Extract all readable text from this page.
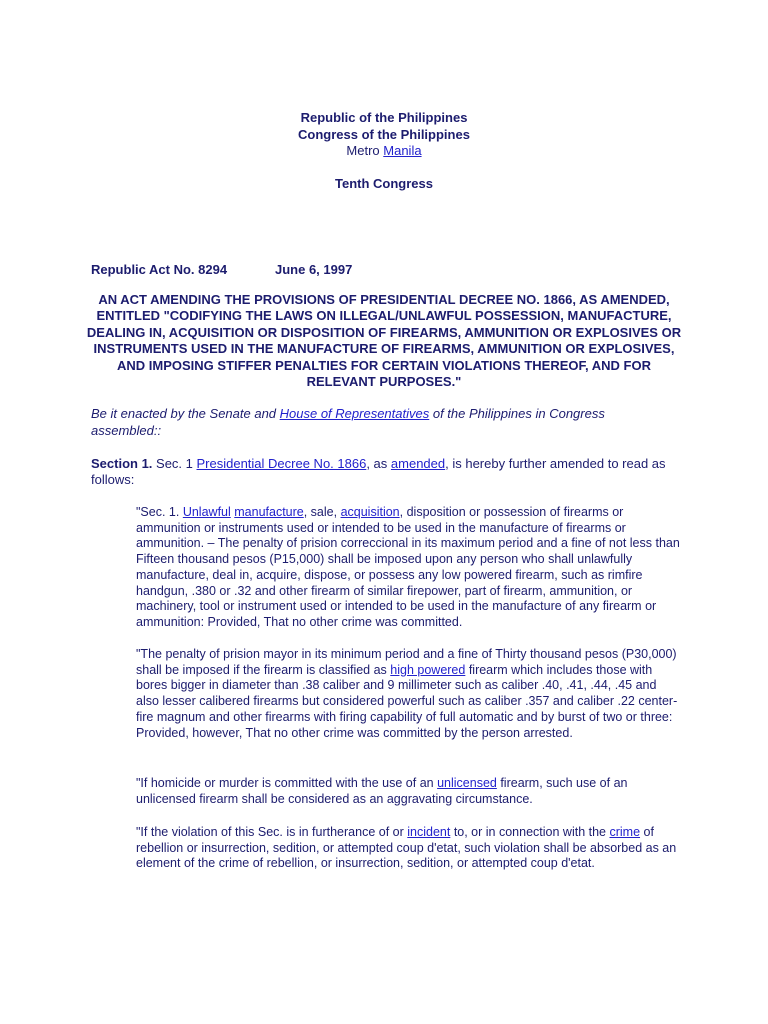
Republic of the Philippines
Congress of the Philippines
Metro Manila
Tenth Congress
Republic Act No. 8294	June 6, 1997
AN ACT AMENDING THE PROVISIONS OF PRESIDENTIAL DECREE NO. 1866, AS AMENDED, ENTITLED "CODIFYING THE LAWS ON ILLEGAL/UNLAWFUL POSSESSION, MANUFACTURE, DEALING IN, ACQUISITION OR DISPOSITION OF FIREARMS, AMMUNITION OR EXPLOSIVES OR INSTRUMENTS USED IN THE MANUFACTURE OF FIREARMS, AMMUNITION OR EXPLOSIVES, AND IMPOSING STIFFER PENALTIES FOR CERTAIN VIOLATIONS THEREOF, AND FOR RELEVANT PURPOSES."
Be it enacted by the Senate and House of Representatives of the Philippines in Congress assembled::
Section 1. Sec. 1 Presidential Decree No. 1866, as amended, is hereby further amended to read as follows:

"Sec. 1. Unlawful manufacture, sale, acquisition, disposition or possession of firearms or ammunition or instruments used or intended to be used in the manufacture of firearms or ammunition. – The penalty of prision correccional in its maximum period and a fine of not less than Fifteen thousand pesos (P15,000) shall be imposed upon any person who shall unlawfully manufacture, deal in, acquire, dispose, or possess any low powered firearm, such as rimfire handgun, .380 or .32 and other firearm of similar firepower, part of firearm, ammunition, or machinery, tool or instrument used or intended to be used in the manufacture of any firearm or ammunition: Provided, That no other crime was committed.

"The penalty of prision mayor in its minimum period and a fine of Thirty thousand pesos (P30,000) shall be imposed if the firearm is classified as high powered firearm which includes those with bores bigger in diameter than .38 caliber and 9 millimeter such as caliber .40, .41, .44, .45 and also lesser calibered firearms but considered powerful such as caliber .357 and caliber .22 center-fire magnum and other firearms with firing capability of full automatic and by burst of two or three: Provided, however, That no other crime was committed by the person arrested.

"If homicide or murder is committed with the use of an unlicensed firearm, such use of an unlicensed firearm shall be considered as an aggravating circumstance.

"If the violation of this Sec. is in furtherance of or incident to, or in connection with the crime of rebellion or insurrection, sedition, or attempted coup d'etat, such violation shall be absorbed as an element of the crime of rebellion, or insurrection, sedition, or attempted coup d'etat.
